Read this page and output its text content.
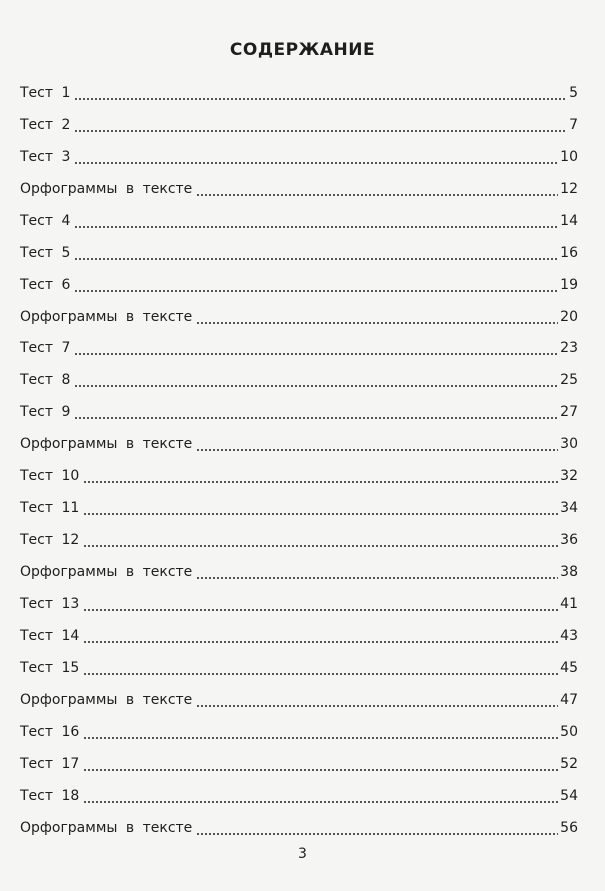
СОДЕРЖАНИЕ
Тест 1	5
Тест 2	7
Тест 3	10
Орфограммы в тексте	12
Тест 4	14
Тест 5	16
Тест 6	19
Орфограммы в тексте	20
Тест 7	23
Тест 8	25
Тест 9	27
Орфограммы в тексте	30
Тест 10	32
Тест 11	34
Тест 12	36
Орфограммы в тексте	38
Тест 13	41
Тест 14	43
Тест 15	45
Орфограммы в тексте	47
Тест 16	50
Тест 17	52
Тест 18	54
Орфограммы в тексте	56
3
